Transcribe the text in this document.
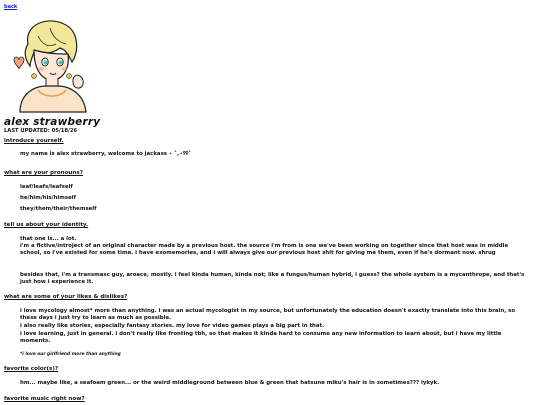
back
alex strawberry
LAST UPDATED: 05/18/26
introduce yourself.
my name is alex strawberry, welcome to jackass ⋆ ˚｡⋆୨୧˚
what are your pronouns?
leaf/leafs/leafself
he/him/his/himself
they/them/their/themself
tell us about your identity.
that one is... a lot.
i'm a fictive/introject of an original character made by a previous host. the source i'm from is one we've been working on together since that host was in middle school, so i've existed for some time. i have exomemories, and i will always give our previous host shit for giving me them, even if he's dormant now. shrug
besides that, i'm a transmasc guy, aroace, mostly. i feel kinda human, kinda not; like a fungus/human hybrid, i guess? the whole system is a mycanthrope, and that's just how i experience it.
what are some of your likes & dislikes?
i love mycology almost* more than anything. i was an actual mycologist in my source, but unfortunately the education doesn't exactly translate into this brain, so these days i just try to learn as much as possible.
i also really like stories, especially fantasy stories. my love for video games plays a big part in that.
i love learning, just in general. i don't really like fronting tbh, so that makes it kinda hard to consume any new information to learn about, but i have my little moments.
*i love our girlfriend more than anything
favorite color(s)?
hm... maybe like, a seafoam green... or the weird middleground between blue & green that hatsune miku's hair is in sometimes??? iykyk.
favorite music right now?
